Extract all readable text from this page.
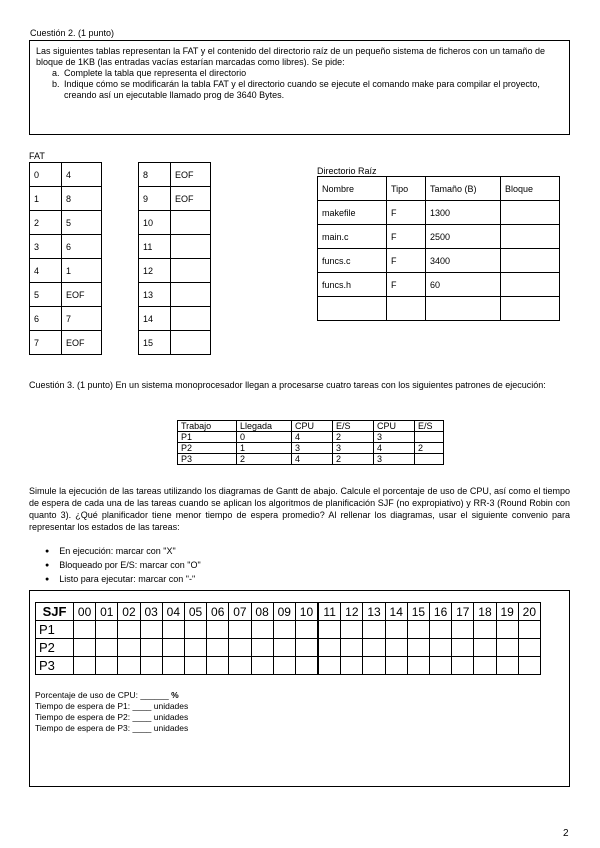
Cuestión 2. (1 punto)
Las siguientes tablas representan la FAT y el contenido del directorio raíz de un pequeño sistema de ficheros con un tamaño de bloque de 1KB (las entradas vacías estarían marcadas como libres). Se pide:
a. Complete la tabla que representa el directorio
b. Indique cómo se modificarán la tabla FAT y el directorio cuando se ejecute el comando make para compilar el proyecto, creando así un ejecutable llamado prog de 3640 Bytes.
FAT
0	4
1	8
2	5
3	6
4	1
5	EOF
6	7
7	EOF
8	EOF
9	EOF
10	
11	
12	
13	
14	
15	
Directorio Raíz
Nombre	Tipo	Tamaño (B)	Bloque
makefile	F	1300	
main.c	F	2500	
funcs.c	F	3400	
funcs.h	F	60	

Cuestión 3. (1 punto) En un sistema monoprocesador llegan a procesarse cuatro tareas con los siguientes patrones de ejecución:
Trabajo	Llegada	CPU	E/S	CPU	E/S
P1	0	4	2	3	
P2	1	3	3	4	2
P3	2	4	2	3	
Simule la ejecución de las tareas utilizando los diagramas de Gantt de abajo. Calcule el porcentaje de uso de CPU, así como el tiempo de espera de cada una de las tareas cuando se aplican los algoritmos de planificación SJF (no expropiativo) y RR-3 (Round Robin con quanto 3). ¿Qué planificador tiene menor tiempo de espera promedio? Al rellenar los diagramas, usar el siguiente convenio para representar los estados de las tareas:
● En ejecución: marcar con "X"
● Bloqueado por E/S: marcar con "O"
● Listo para ejecutar: marcar con "-"
SJF	00	01	02	03	04	05	06	07	08	09	10	11	12	13	14	15	16	17	18	19	20
P1																					
P2																					
P3																					
Porcentaje de uso de CPU: ______ %
Tiempo de espera de P1: ____ unidades
Tiempo de espera de P2: ____ unidades
Tiempo de espera de P3: ____ unidades
2
